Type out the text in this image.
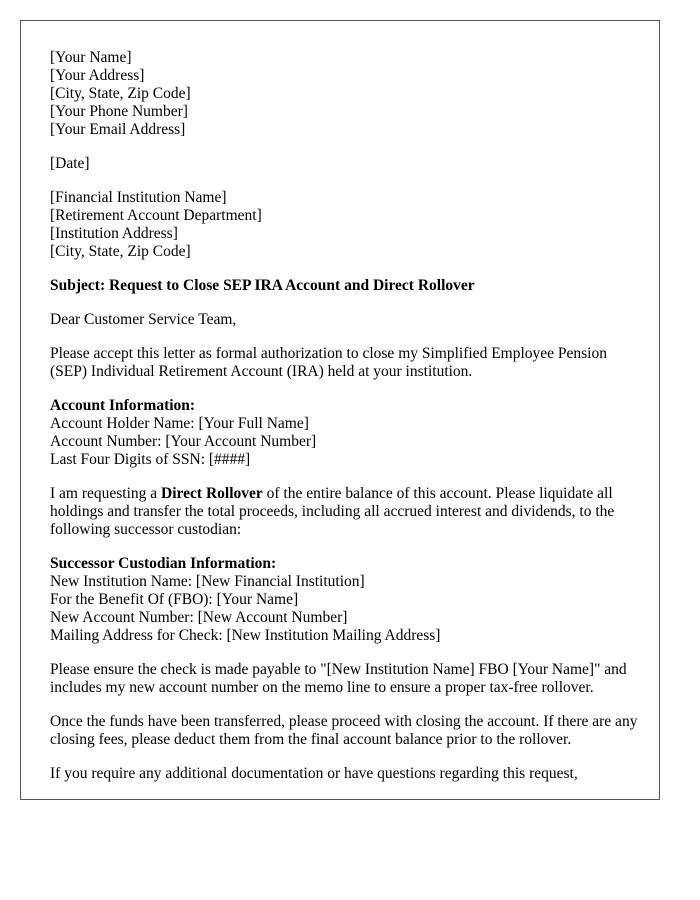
[Your Name]
[Your Address]
[City, State, Zip Code]
[Your Phone Number]
[Your Email Address]
[Date]
[Financial Institution Name]
[Retirement Account Department]
[Institution Address]
[City, State, Zip Code]
Subject: Request to Close SEP IRA Account and Direct Rollover
Dear Customer Service Team,
Please accept this letter as formal authorization to close my Simplified Employee Pension (SEP) Individual Retirement Account (IRA) held at your institution.
Account Information:
Account Holder Name: [Your Full Name]
Account Number: [Your Account Number]
Last Four Digits of SSN: [####]
I am requesting a Direct Rollover of the entire balance of this account. Please liquidate all holdings and transfer the total proceeds, including all accrued interest and dividends, to the following successor custodian:
Successor Custodian Information:
New Institution Name: [New Financial Institution]
For the Benefit Of (FBO): [Your Name]
New Account Number: [New Account Number]
Mailing Address for Check: [New Institution Mailing Address]
Please ensure the check is made payable to "[New Institution Name] FBO [Your Name]" and includes my new account number on the memo line to ensure a proper tax-free rollover.
Once the funds have been transferred, please proceed with closing the account. If there are any closing fees, please deduct them from the final account balance prior to the rollover.
If you require any additional documentation or have questions regarding this request,
